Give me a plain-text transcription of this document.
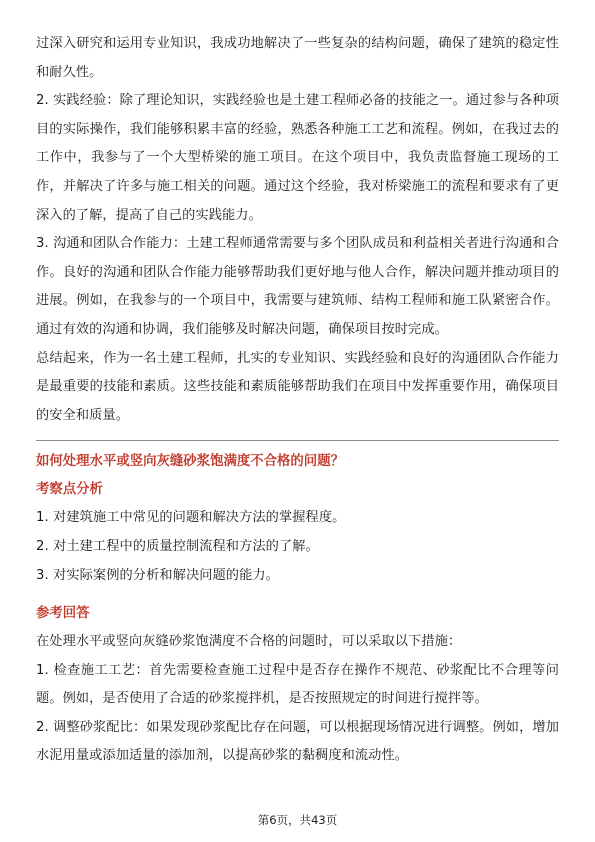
过深入研究和运用专业知识，我成功地解决了一些复杂的结构问题，确保了建筑的稳定性和耐久性。

2. 实践经验：除了理论知识，实践经验也是土建工程师必备的技能之一。通过参与各种项目的实际操作，我们能够积累丰富的经验，熟悉各种施工工艺和流程。例如，在我过去的工作中，我参与了一个大型桥梁的施工项目。在这个项目中，我负责监督施工现场的工作，并解决了许多与施工相关的问题。通过这个经验，我对桥梁施工的流程和要求有了更深入的了解，提高了自己的实践能力。

3. 沟通和团队合作能力：土建工程师通常需要与多个团队成员和利益相关者进行沟通和合作。良好的沟通和团队合作能力能够帮助我们更好地与他人合作，解决问题并推动项目的进展。例如，在我参与的一个项目中，我需要与建筑师、结构工程师和施工队紧密合作。通过有效的沟通和协调，我们能够及时解决问题，确保项目按时完成。

总结起来，作为一名土建工程师，扎实的专业知识、实践经验和良好的沟通团队合作能力是最重要的技能和素质。这些技能和素质能够帮助我们在项目中发挥重要作用，确保项目的安全和质量。

如何处理水平或竖向灰缝砂浆饱满度不合格的问题？
考察点分析

1. 对建筑施工中常见的问题和解决方法的掌握程度。

2. 对土建工程中的质量控制流程和方法的了解。

3. 对实际案例的分析和解决问题的能力。

参考回答

在处理水平或竖向灰缝砂浆饱满度不合格的问题时，可以采取以下措施：

1. 检查施工工艺：首先需要检查施工过程中是否存在操作不规范、砂浆配比不合理等问题。例如，是否使用了合适的砂浆搅拌机，是否按照规定的时间进行搅拌等。

2. 调整砂浆配比：如果发现砂浆配比存在问题，可以根据现场情况进行调整。例如，增加水泥用量或添加适量的添加剂，以提高砂浆的黏稠度和流动性。

第6页，共43页
